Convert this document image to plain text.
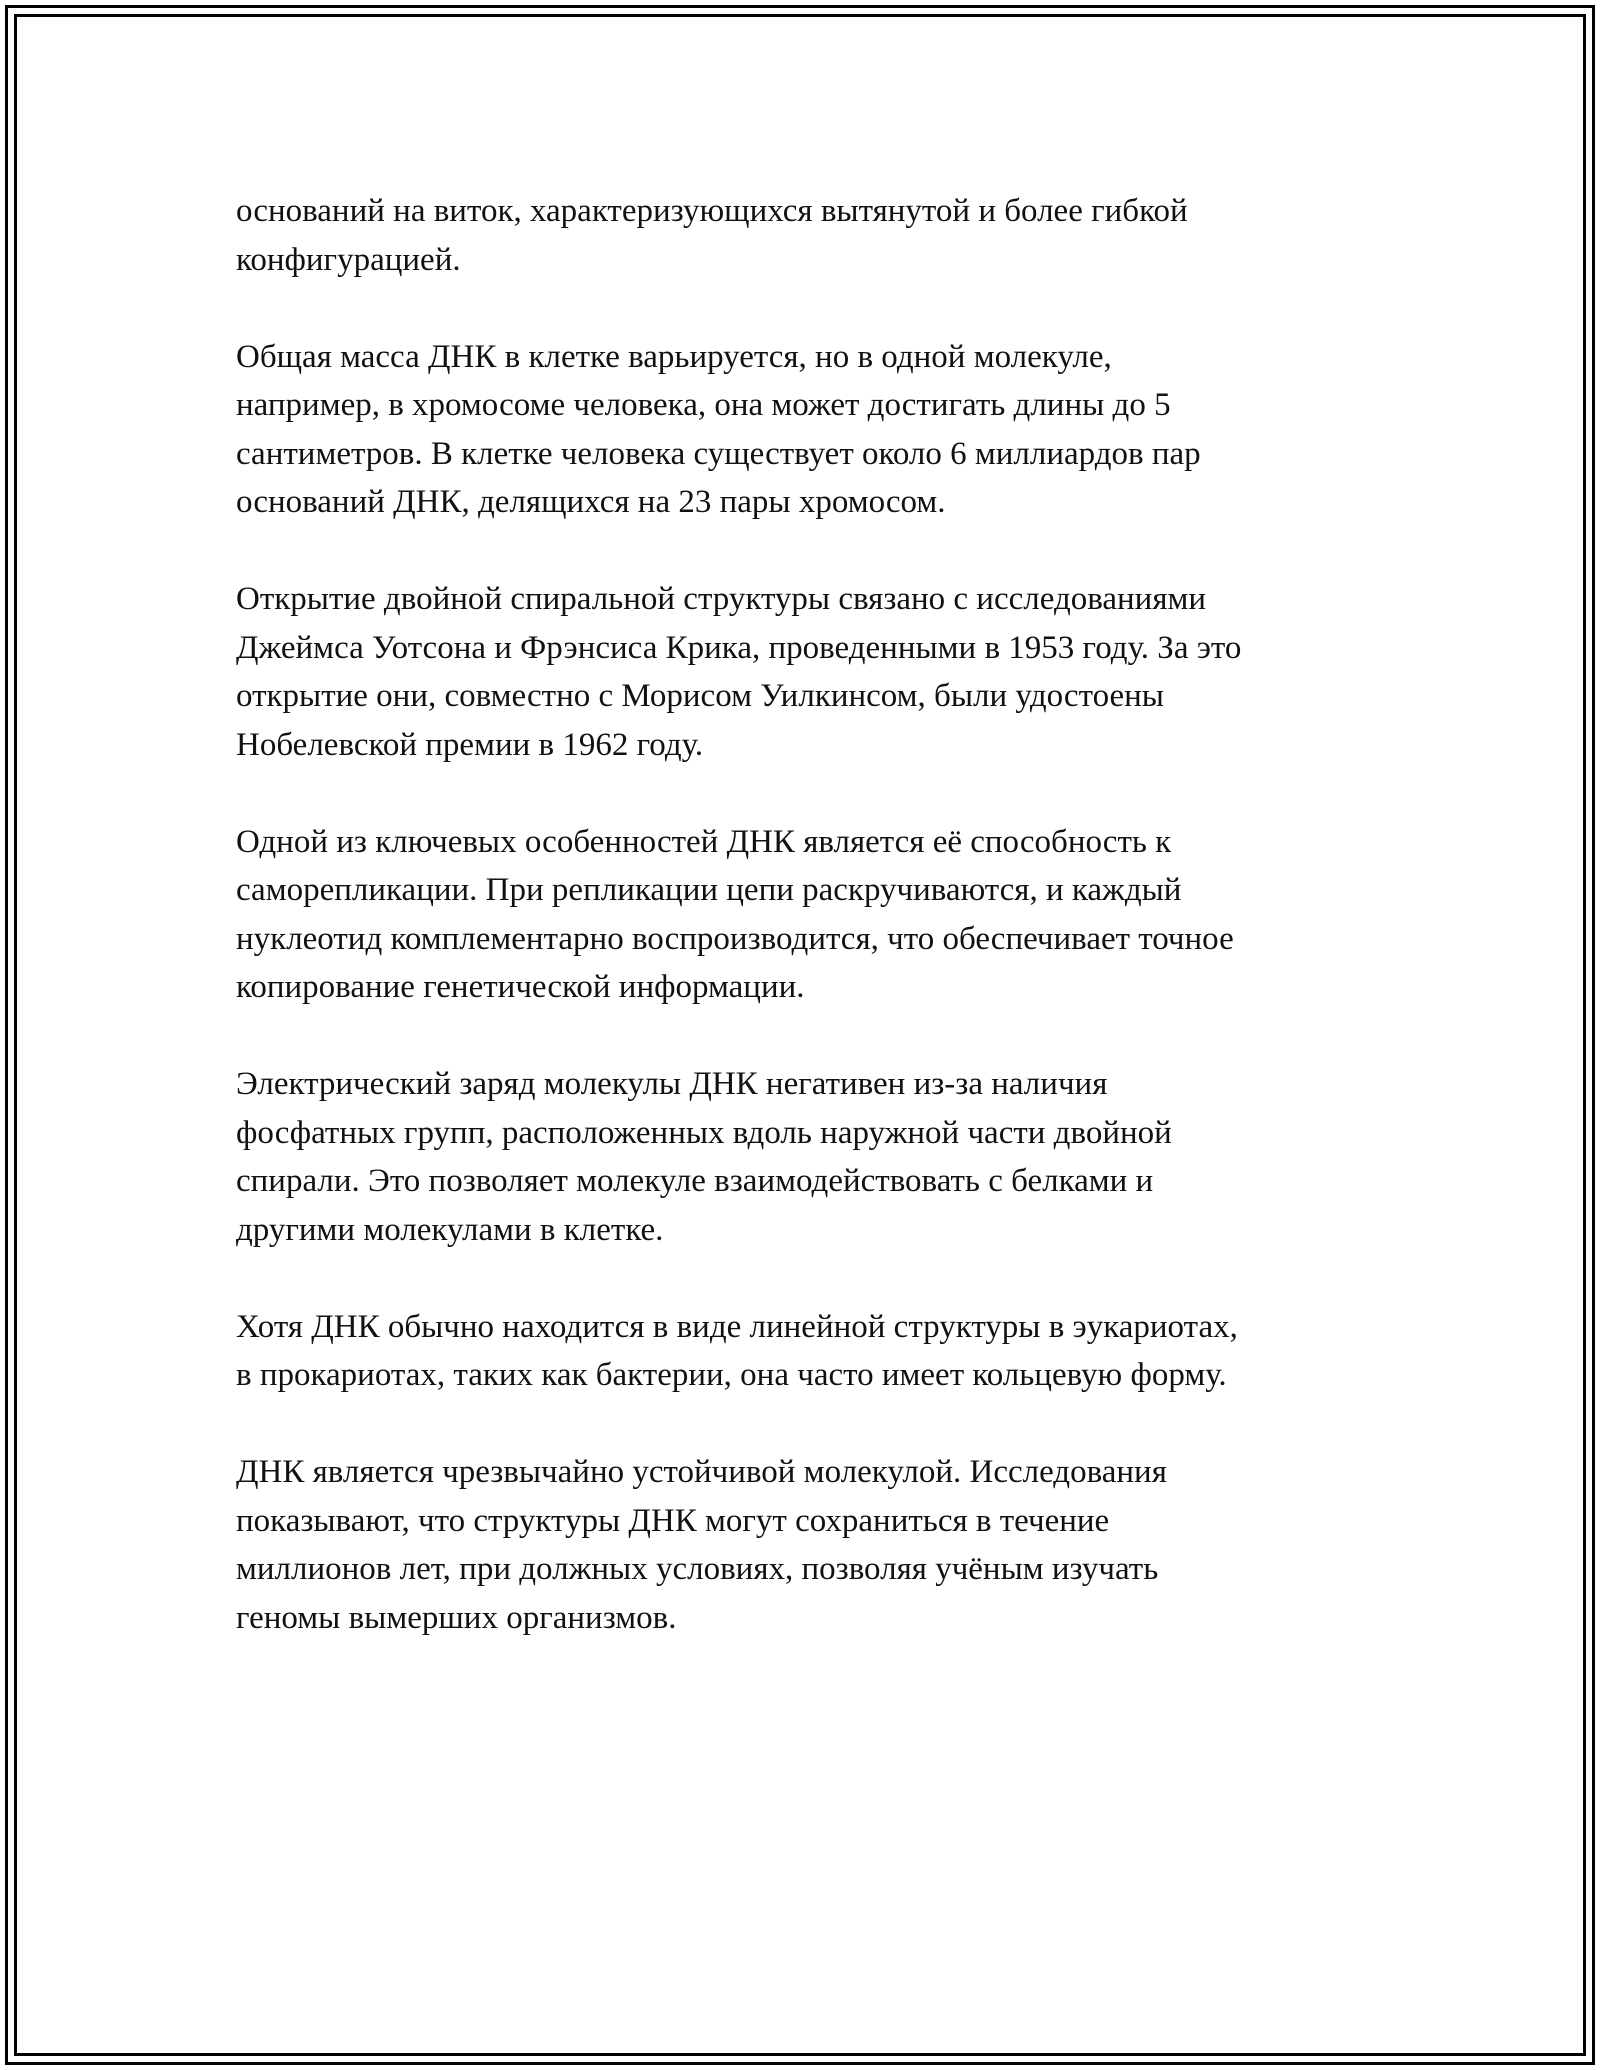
оснований на виток, характеризующихся вытянутой и более гибкой
конфигурацией.

Общая масса ДНК в клетке варьируется, но в одной молекуле,
например, в хромосоме человека, она может достигать длины до 5
сантиметров. В клетке человека существует около 6 миллиардов пар
оснований ДНК, делящихся на 23 пары хромосом.

Открытие двойной спиральной структуры связано с исследованиями
Джеймса Уотсона и Фрэнсиса Крика, проведенными в 1953 году. За это
открытие они, совместно с Морисом Уилкинсом, были удостоены
Нобелевской премии в 1962 году.

Одной из ключевых особенностей ДНК является её способность к
саморепликации. При репликации цепи раскручиваются, и каждый
нуклеотид комплементарно воспроизводится, что обеспечивает точное
копирование генетической информации.

Электрический заряд молекулы ДНК негативен из-за наличия
фосфатных групп, расположенных вдоль наружной части двойной
спирали. Это позволяет молекуле взаимодействовать с белками и
другими молекулами в клетке.

Хотя ДНК обычно находится в виде линейной структуры в эукариотах,
в прокариотах, таких как бактерии, она часто имеет кольцевую форму.

ДНК является чрезвычайно устойчивой молекулой. Исследования
показывают, что структуры ДНК могут сохраниться в течение
миллионов лет, при должных условиях, позволяя учёным изучать
геномы вымерших организмов.
